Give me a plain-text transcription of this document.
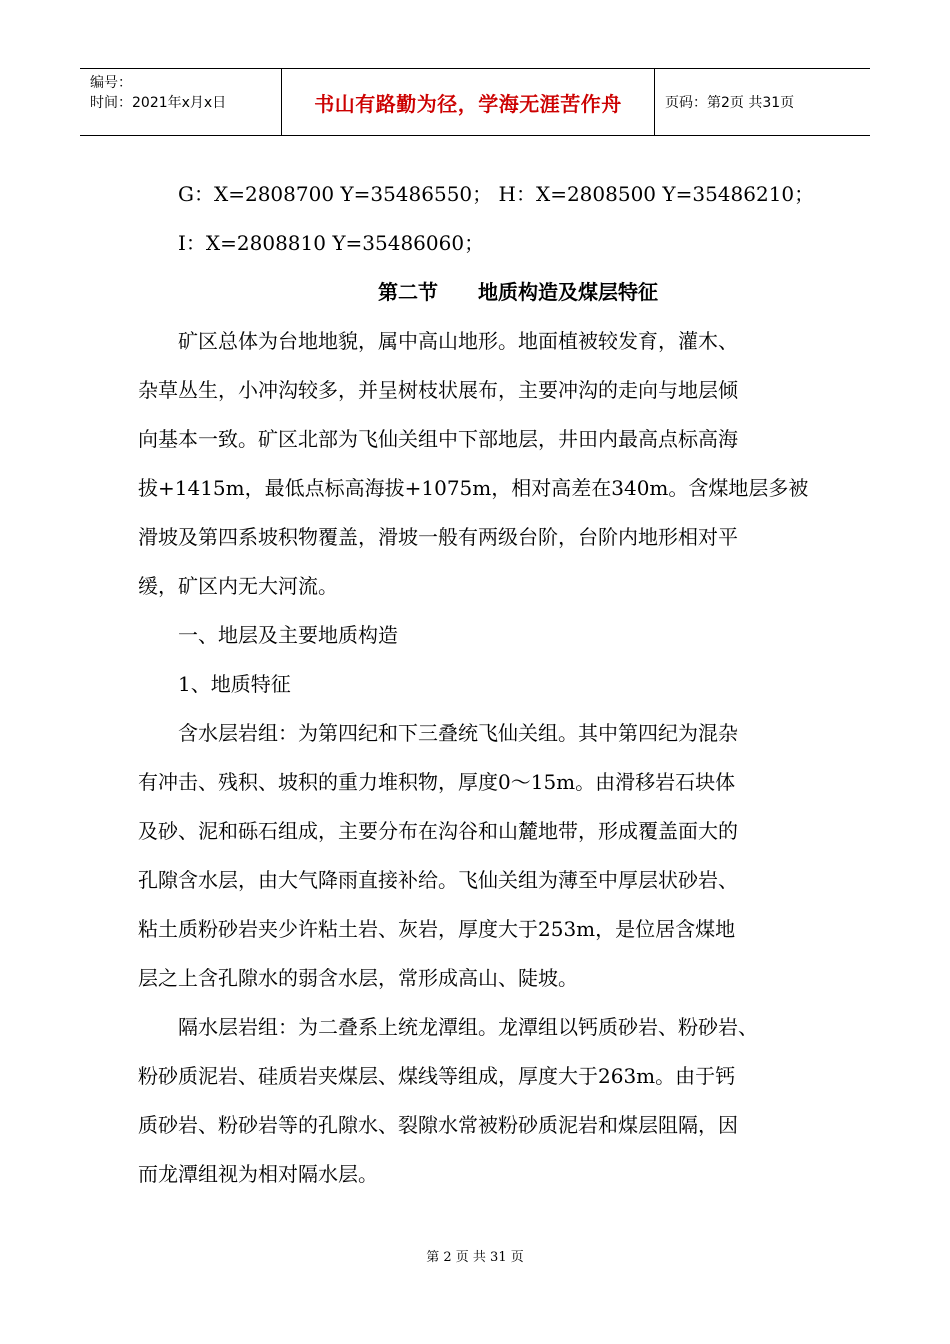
编号：
时间：2021年x月x日	书山有路勤为径，学海无涯苦作舟	页码：第2页 共31页
G：X=2808700 Y=35486550； H：X=2808500 Y=35486210；
I：X=2808810 Y=35486060；
第二节 地质构造及煤层特征
矿区总体为台地地貌，属中高山地形。地面植被较发育，灌木、
杂草丛生，小冲沟较多，并呈树枝状展布，主要冲沟的走向与地层倾
向基本一致。矿区北部为飞仙关组中下部地层，井田内最高点标高海
拔+1415m，最低点标高海拔+1075m，相对高差在340m。含煤地层多被
滑坡及第四系坡积物覆盖，滑坡一般有两级台阶，台阶内地形相对平
缓，矿区内无大河流。
一、地层及主要地质构造
1、地质特征
含水层岩组：为第四纪和下三叠统飞仙关组。其中第四纪为混杂
有冲击、残积、坡积的重力堆积物，厚度0～15m。由滑移岩石块体
及砂、泥和砾石组成，主要分布在沟谷和山麓地带，形成覆盖面大的
孔隙含水层，由大气降雨直接补给。飞仙关组为薄至中厚层状砂岩、
粘土质粉砂岩夹少许粘土岩、灰岩，厚度大于253m，是位居含煤地
层之上含孔隙水的弱含水层，常形成高山、陡坡。
隔水层岩组：为二叠系上统龙潭组。龙潭组以钙质砂岩、粉砂岩、
粉砂质泥岩、硅质岩夹煤层、煤线等组成，厚度大于263m。由于钙
质砂岩、粉砂岩等的孔隙水、裂隙水常被粉砂质泥岩和煤层阻隔，因
而龙潭组视为相对隔水层。
第 2 页 共 31 页
